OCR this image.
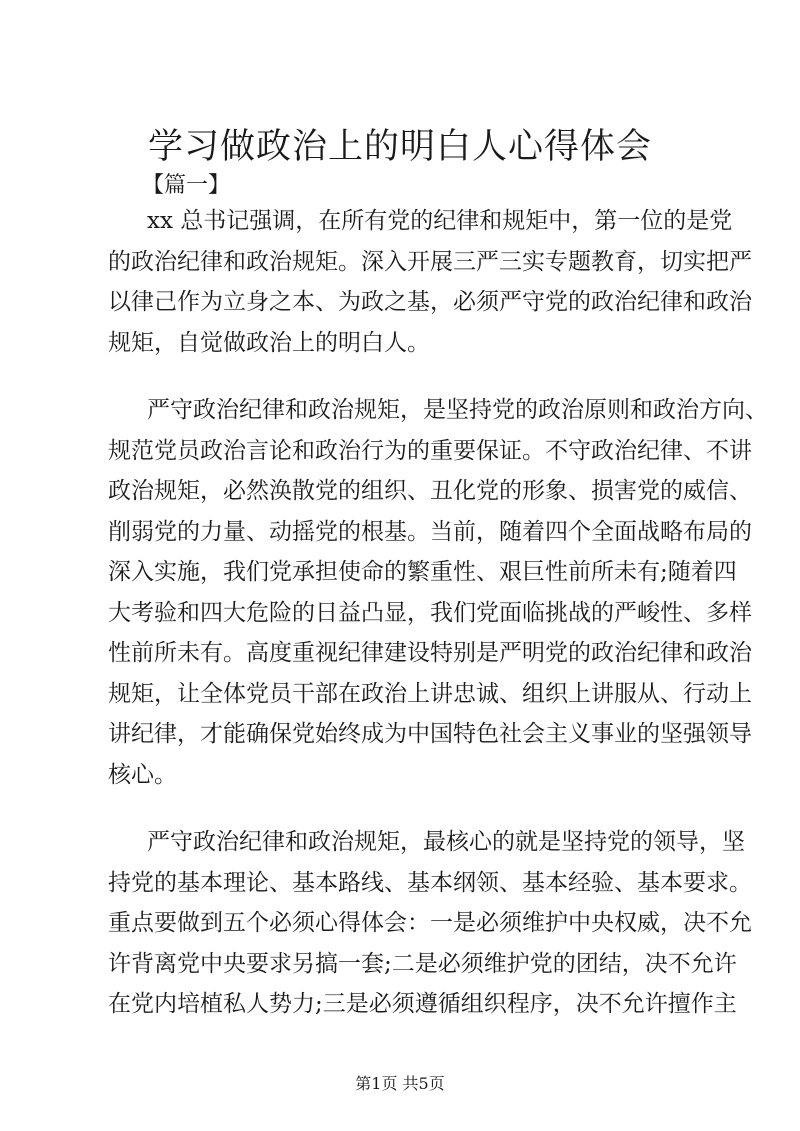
学习做政治上的明白人心得体会
【篇一】
xx 总书记强调，在所有党的纪律和规矩中，第一位的是党
的政治纪律和政治规矩。深入开展三严三实专题教育，切实把严
以律己作为立身之本、为政之基，必须严守党的政治纪律和政治
规矩，自觉做政治上的明白人。
严守政治纪律和政治规矩，是坚持党的政治原则和政治方向、
规范党员政治言论和政治行为的重要保证。不守政治纪律、不讲
政治规矩，必然涣散党的组织、丑化党的形象、损害党的威信、
削弱党的力量、动摇党的根基。当前，随着四个全面战略布局的
深入实施，我们党承担使命的繁重性、艰巨性前所未有;随着四
大考验和四大危险的日益凸显，我们党面临挑战的严峻性、多样
性前所未有。高度重视纪律建设特别是严明党的政治纪律和政治
规矩，让全体党员干部在政治上讲忠诚、组织上讲服从、行动上
讲纪律，才能确保党始终成为中国特色社会主义事业的坚强领导
核心。
严守政治纪律和政治规矩，最核心的就是坚持党的领导，坚
持党的基本理论、基本路线、基本纲领、基本经验、基本要求。
重点要做到五个必须心得体会：一是必须维护中央权威，决不允
许背离党中央要求另搞一套;二是必须维护党的团结，决不允许
在党内培植私人势力;三是必须遵循组织程序，决不允许擅作主
第1页 共5页
